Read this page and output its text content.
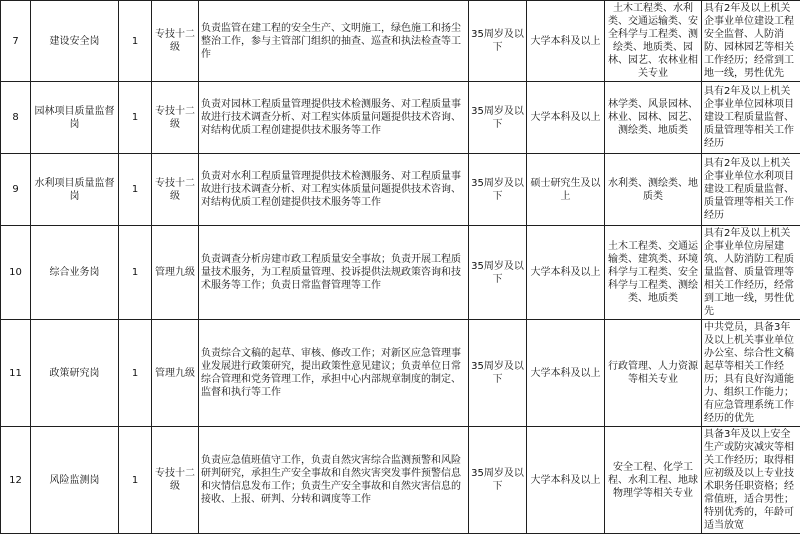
7	建设安全岗	1	专技十二级	负责监管在建工程的安全生产、文明施工，绿色施工和扬尘整治工作，参与主管部门组织的抽查、巡查和执法检查等工作	35周岁及以下	大学本科及以上	土木工程类、水利类、交通运输类、安全科学与工程类、测绘类、地质类、园林、园艺、农林业相关专业	具有2年及以上机关企事业单位建设工程安全监督、人防消防、园林园艺等相关工作经历；经常到工地一线，男性优先

8	园林项目质量监督岗	1	专技十二级	负责对园林工程质量管理提供技术检测服务、对工程质量事故进行技术调查分析、对工程实体质量问题提供技术咨询、对结构优质工程创建提供技术服务等工作	35周岁及以下	大学本科及以上	林学类、风景园林、林业、园林、园艺、测绘类、地质类	具有2年及以上机关企事业单位园林项目建设工程质量监督、质量管理等相关工作经历

9	水利项目质量监督岗	1	专技十二级	负责对水利工程质量管理提供技术检测服务、对工程质量事故进行技术调查分析、对工程实体质量问题提供技术咨询、对结构优质工程创建提供技术服务等工作	35周岁及以下	硕士研究生及以上	水利类、测绘类、地质类	具有2年及以上机关企事业单位水利项目建设工程质量监督、质量管理等相关工作经历

10	综合业务岗	1	管理九级	负责调查分析房建市政工程质量安全事故；负责开展工程质量技术服务，为工程质量管理、投诉提供法规政策咨询和技术服务等工作；负责日常监督管理等工作	35周岁及以下	大学本科及以上	土木工程类、交通运输类、建筑类、环境科学与工程类、安全科学与工程类、测绘类、地质类	具有2年及以上机关企事业单位房屋建筑、人防消防工程质量监督、质量管理等相关工作经历，经常到工地一线，男性优先

11	政策研究岗	1	管理九级	负责综合文稿的起草、审核、修改工作；对新区应急管理事业发展进行政策研究，提出政策性意见建议；负责单位日常综合管理和党务管理工作，承担中心内部规章制度的制定、监督和执行等工作	35周岁及以下	大学本科及以上	行政管理、人力资源等相关专业	中共党员，具备3年及以上机关事业单位办公室、综合性文稿起草等相关工作经历；具有良好沟通能力、组织工作能力；有应急管理系统工作经历的优先

12	风险监测岗	1	专技十二级	负责应急值班值守工作，负责自然灾害综合监测预警和风险研判研究，承担生产安全事故和自然灾害突发事件预警信息和灾情信息发布工作；负责生产安全事故和自然灾害信息的接收、上报、研判、分转和调度等工作	35周岁及以下	大学本科及以上	安全工程、化学工程、水利工程、地球物理学等相关专业	具备3年及以上安全生产或防灾减灾等相关工作经历；取得相应初级及以上专业技术职务任职资格；经常值班，适合男性；特别优秀的，年龄可适当放宽
